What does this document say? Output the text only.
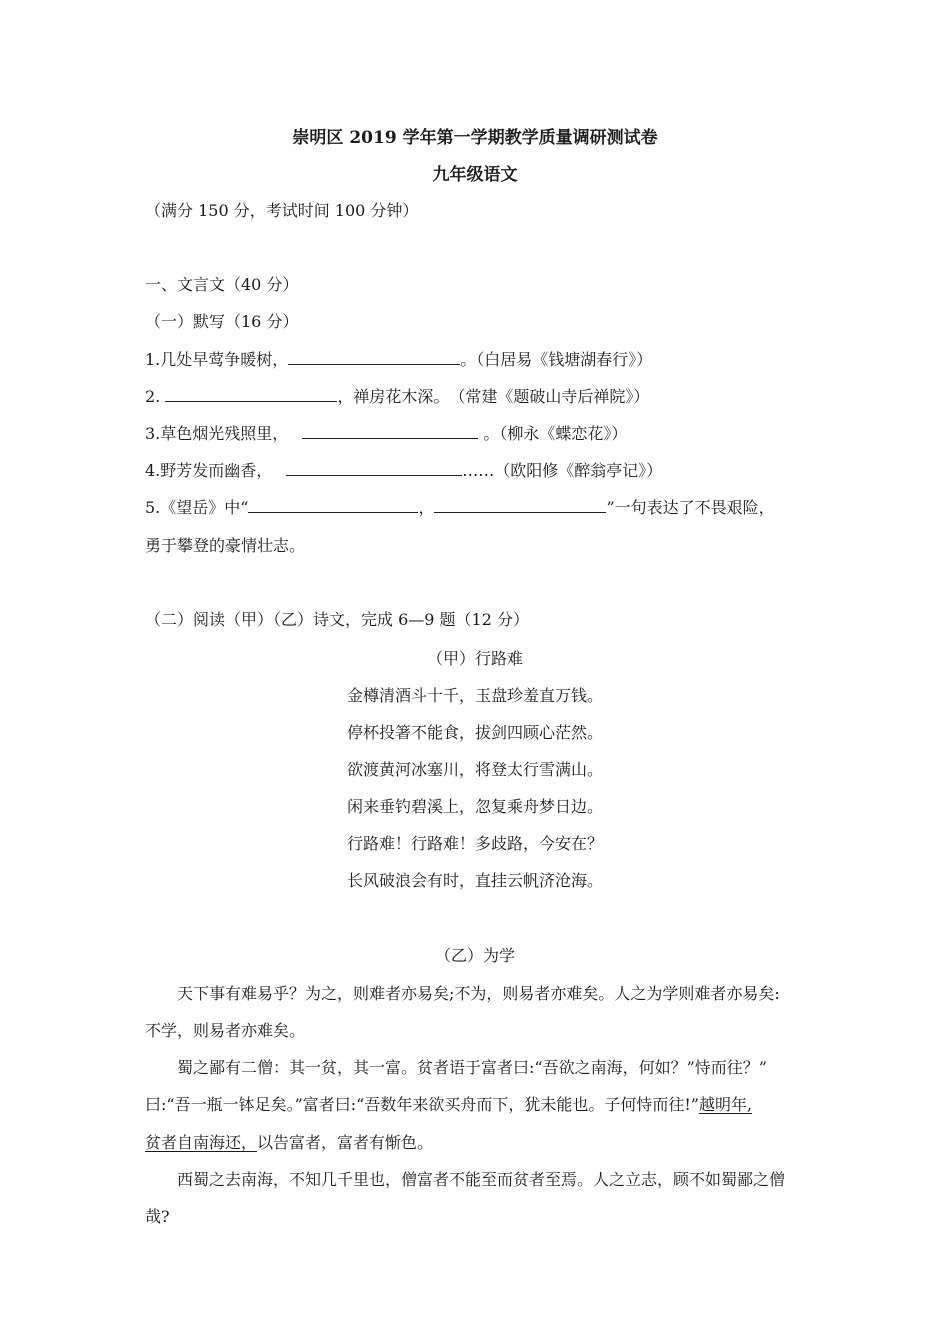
崇明区 2019 学年第一学期教学质量调研测试卷
九年级语文
（满分 150 分，考试时间 100 分钟）
一、文言文（40 分）
（一）默写（16 分）
1.几处早莺争暖树，	。（白居易《钱塘湖春行》）
2.	，禅房花木深。　（常建《题破山寺后禅院》）
3.草色烟光残照里，	。（柳永《蝶恋花》）
4.野芳发而幽香，	……（欧阳修《醉翁亭记》）
5.《望岳》中“	，	”一句表达了不畏艰险，
勇于攀登的豪情壮志。
（二）阅读（甲）（乙）诗文，完成 6—9 题（12 分）
（甲）行路难
金樽清酒斗十千，玉盘珍羞直万钱。
停杯投箸不能食，拔剑四顾心茫然。
欲渡黄河冰塞川，将登太行雪满山。
闲来垂钓碧溪上，忽复乘舟梦日边。
行路难！行路难！多歧路，今安在？
长风破浪会有时，直挂云帆济沧海。
（乙）为学
天下事有难易乎？为之，则难者亦易矣;不为，则易者亦难矣。人之为学则难者亦易矣:
不学，则易者亦难矣。
蜀之鄙有二僧：其一贫，其一富。贫者语于富者曰:“吾欲之南海，何如？”恃而往？”
曰:“吾一瓶一钵足矣。”富者曰:“吾数年来欲买舟而下，犹未能也。子何恃而往!”越明年,
贫者自南海还，以告富者，富者有惭色。
西蜀之去南海，不知几千里也，僧富者不能至而贫者至焉。人之立志，顾不如蜀鄙之僧
哉?
